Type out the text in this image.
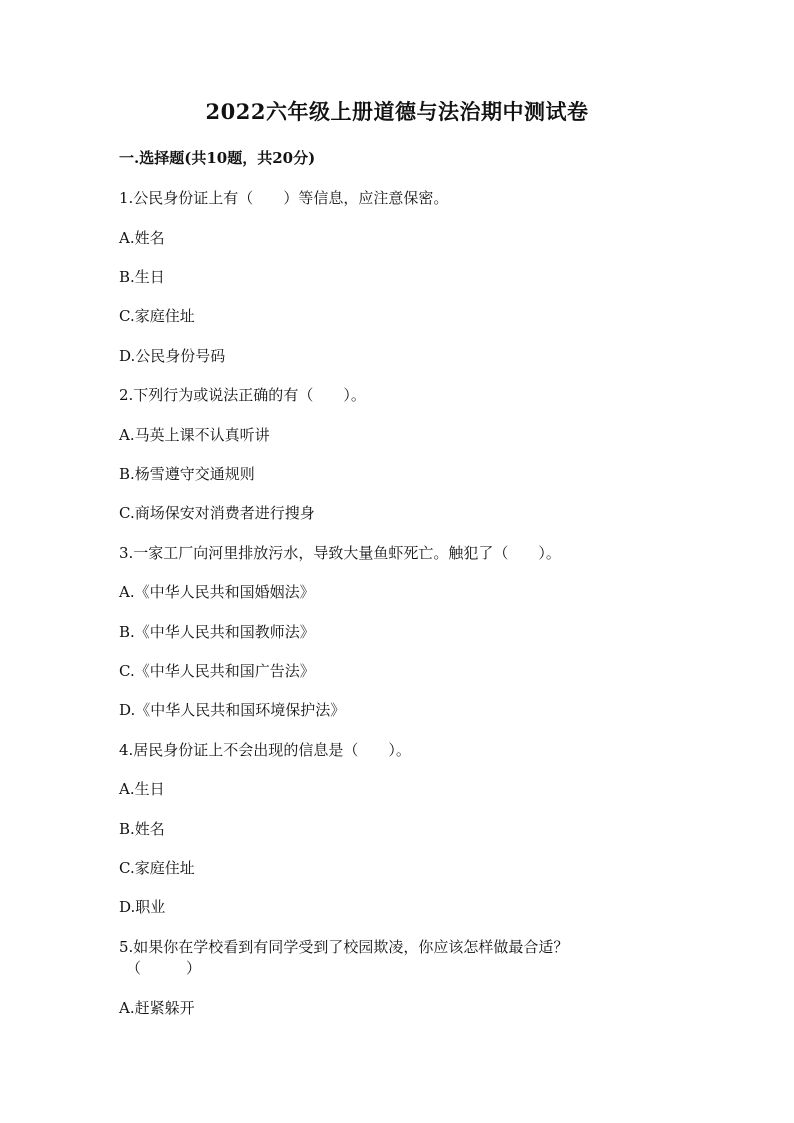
2022六年级上册道德与法治期中测试卷
一.选择题(共10题，共20分)
1.公民身份证上有（　　）等信息，应注意保密。
A.姓名
B.生日
C.家庭住址
D.公民身份号码
2.下列行为或说法正确的有（　　）。
A.马英上课不认真听讲
B.杨雪遵守交通规则
C.商场保安对消费者进行搜身
3.一家工厂向河里排放污水，导致大量鱼虾死亡。触犯了（　　）。
A.《中华人民共和国婚姻法》
B.《中华人民共和国教师法》
C.《中华人民共和国广告法》
D.《中华人民共和国环境保护法》
4.居民身份证上不会出现的信息是（　　）。
A.生日
B.姓名
C.家庭住址
D.职业
5.如果你在学校看到有同学受到了校园欺凌，你应该怎样做最合适？
（　　　）
A.赶紧躲开
